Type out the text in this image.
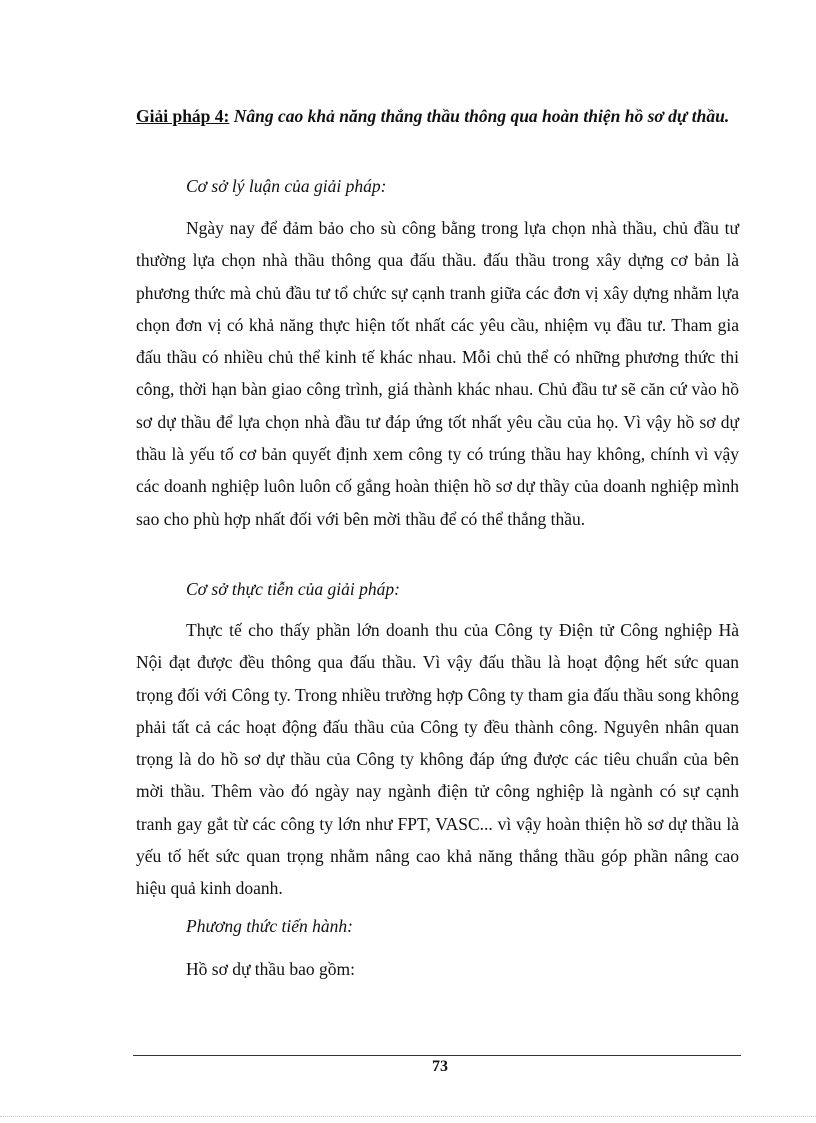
Giải pháp 4: Nâng cao khả năng thắng thầu thông qua hoàn thiện hồ sơ dự thầu.
Cơ sở lý luận của giải pháp:

Ngày nay để đảm bảo cho sù công bằng trong lựa chọn nhà thầu, chủ đầu tư thường lựa chọn nhà thầu thông qua đấu thầu. đấu thầu trong xây dựng cơ bản là phương thức mà chủ đầu tư tổ chức sự cạnh tranh giữa các đơn vị xây dựng nhằm lựa chọn đơn vị có khả năng thực hiện tốt nhất các yêu cầu, nhiệm vụ đầu tư. Tham gia đấu thầu có nhiều chủ thể kinh tế khác nhau. Mỗi chủ thể có những phương thức thi công, thời hạn bàn giao công trình, giá thành khác nhau. Chủ đầu tư sẽ căn cứ vào hồ sơ dự thầu để lựa chọn nhà đầu tư đáp ứng tốt nhất yêu cầu của họ. Vì vậy hồ sơ dự thầu là yếu tố cơ bản quyết định xem công ty có trúng thầu hay không, chính vì vậy các doanh nghiệp luôn luôn cố gắng hoàn thiện hồ sơ dự thầy của doanh nghiệp mình sao cho phù hợp nhất đối với bên mời thầu để có thể thắng thầu.

Cơ sở thực tiễn của giải pháp:

Thực tế cho thấy phần lớn doanh thu của Công ty Điện tử Công nghiệp Hà Nội đạt được đều thông qua đấu thầu. Vì vậy đấu thầu là hoạt động hết sức quan trọng đối với Công ty. Trong nhiều trường hợp Công ty tham gia đấu thầu song không phải tất cả các hoạt động đấu thầu của Công ty đều thành công. Nguyên nhân quan trọng là do hồ sơ dự thầu của Công ty không đáp ứng được các tiêu chuẩn của bên mời thầu. Thêm vào đó ngày nay ngành điện tử công nghiệp là ngành có sự cạnh tranh gay gắt từ các công ty lớn như FPT, VASC... vì vậy hoàn thiện hồ sơ dự thầu là yếu tố hết sức quan trọng nhằm nâng cao khả năng thắng thầu góp phần nâng cao hiệu quả kinh doanh.

Phương thức tiến hành:
Hồ sơ dự thầu bao gồm:
73
